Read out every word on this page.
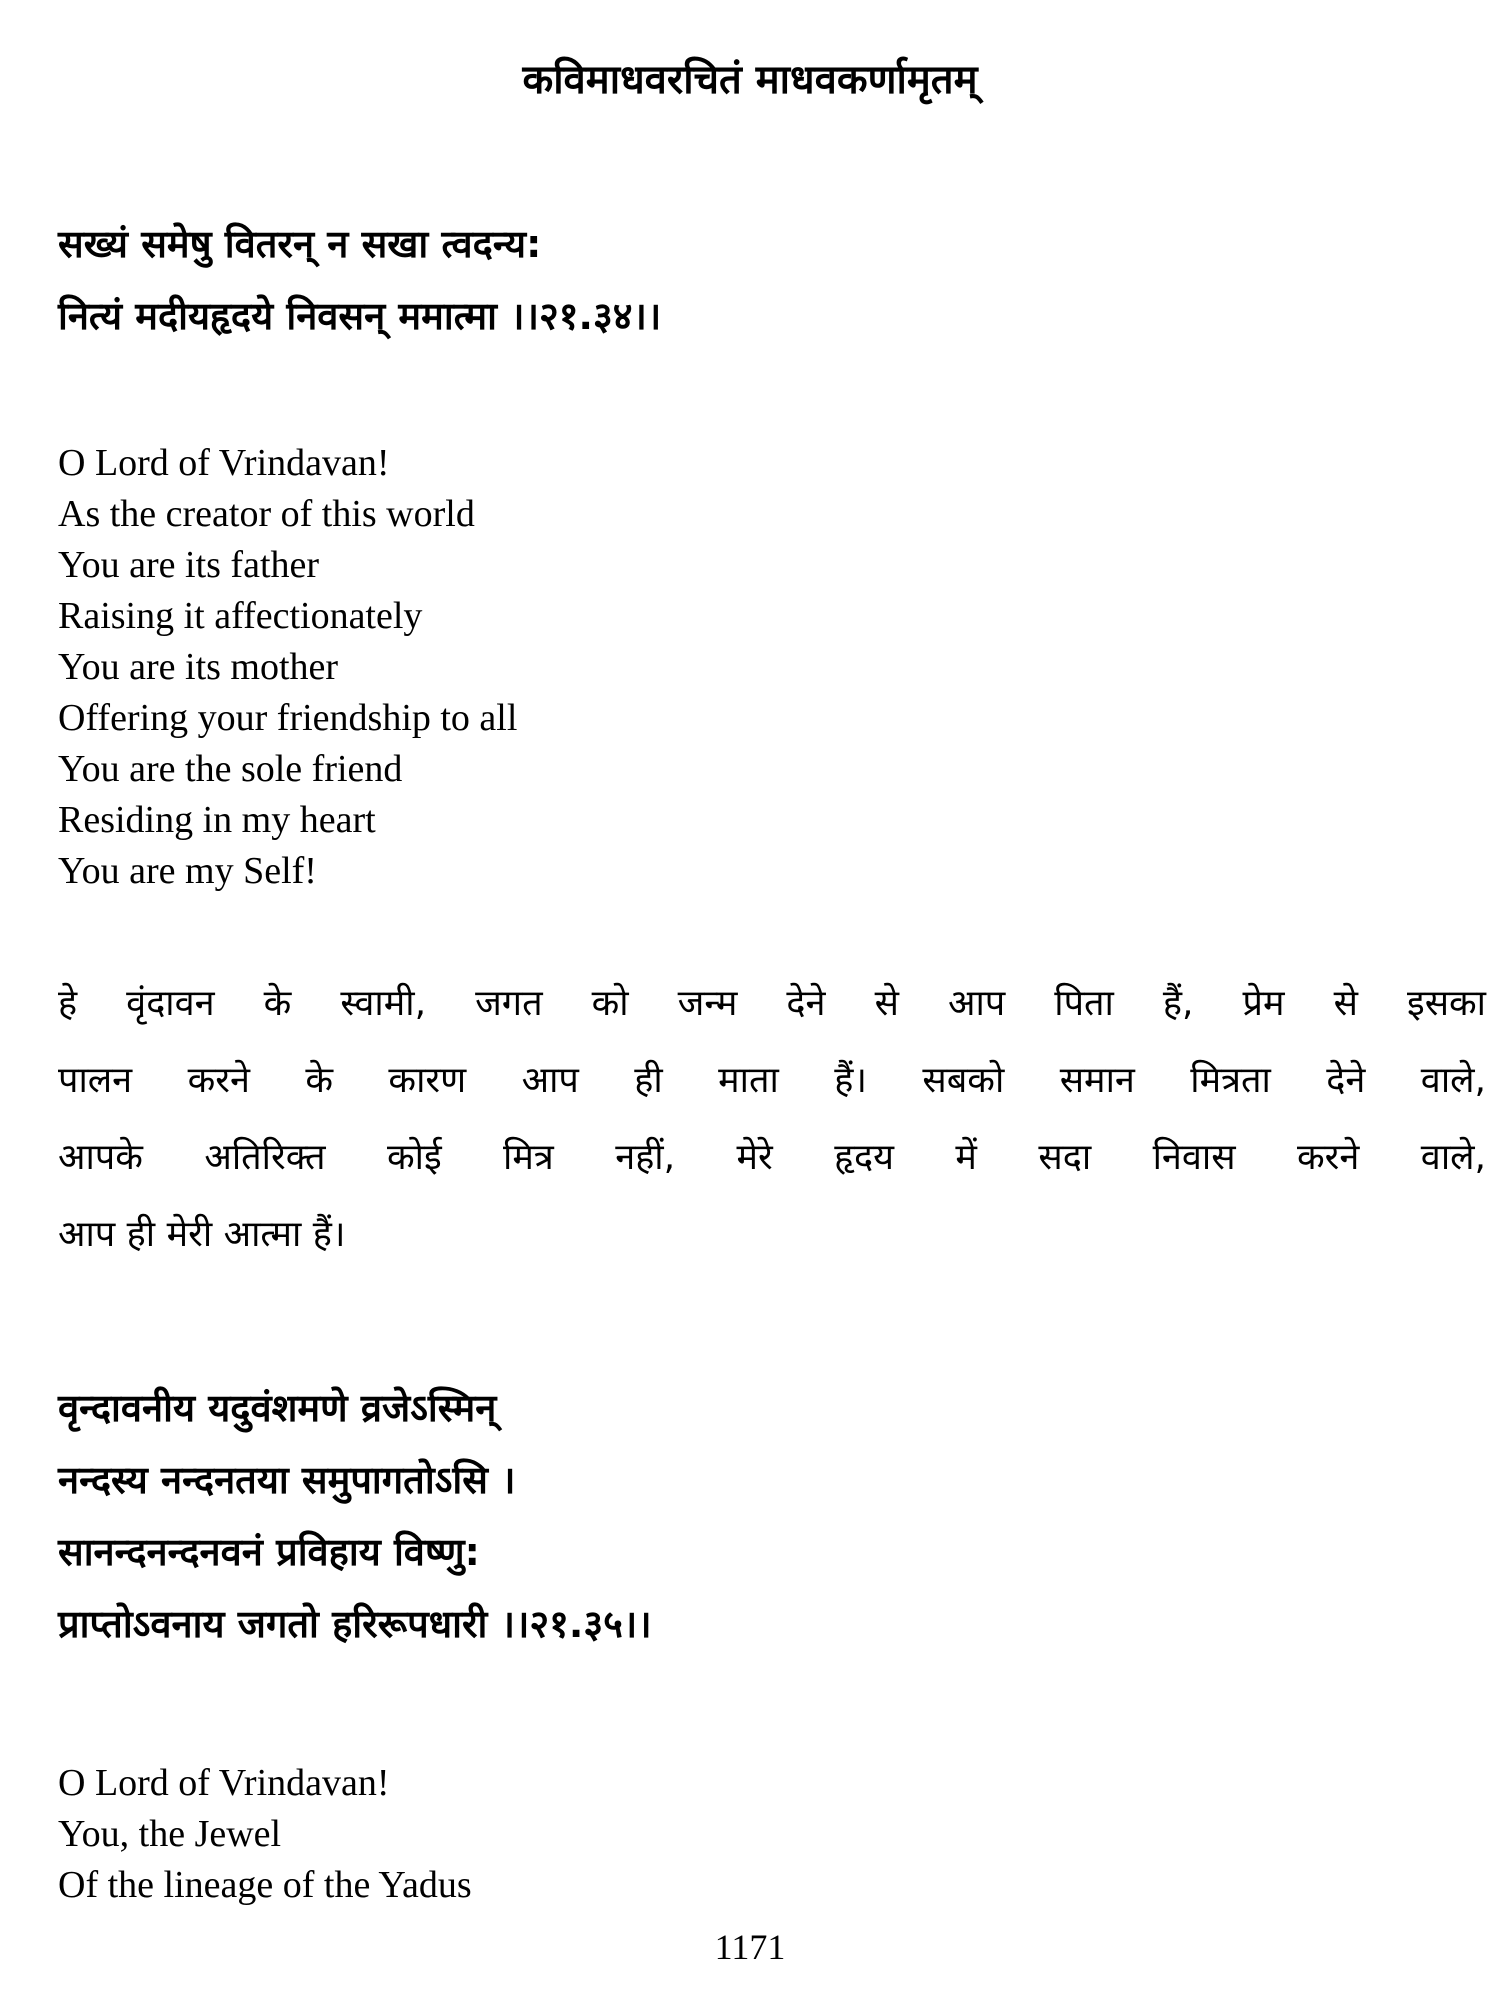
कविमाधवरचितं माधवकर्णामृतम्
सख्यं समेषु वितरन् न सखा त्वदन्य:
नित्यं मदीयहृदये निवसन् ममात्मा ।।२१.३४।।
O Lord of Vrindavan!
As the creator of this world
You are its father
Raising it affectionately
You are its mother
Offering your friendship to all
You are the sole friend
Residing in my heart
You are my Self!
हे वृंदावन के स्वामी, जगत को जन्म देने से आप पिता हैं, प्रेम से इसका
पालन करने के कारण आप ही माता हैं। सबको समान मित्रता देने वाले,
आपके अतिरिक्त कोई मित्र नहीं, मेरे हृदय में सदा निवास करने वाले,
आप ही मेरी आत्मा हैं।
वृन्दावनीय यदुवंशमणे व्रजेऽस्मिन्
नन्दस्य नन्दनतया समुपागतोऽसि ।
सानन्दनन्दनवनं प्रविहाय विष्णु:
प्राप्तोऽवनाय जगतो हरिरूपधारी ।।२१.३५।।
O Lord of Vrindavan!
You, the Jewel
Of the lineage of the Yadus
1171
